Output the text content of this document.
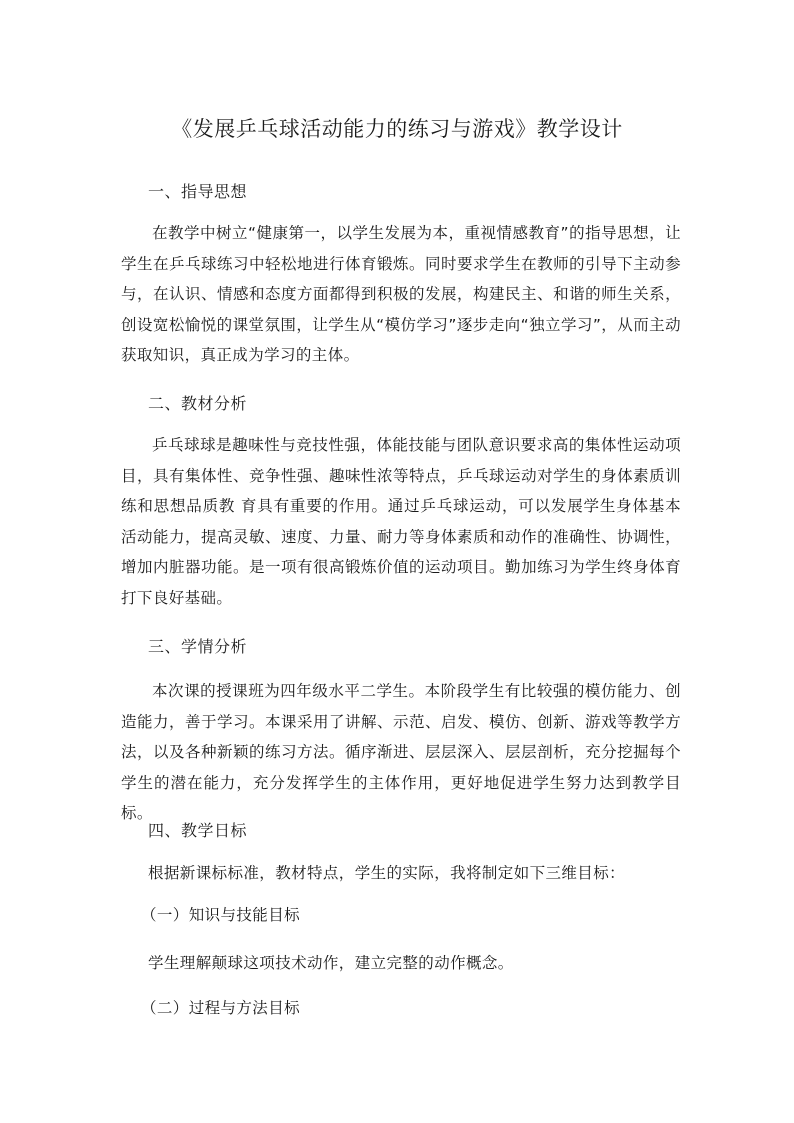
《发展乒乓球活动能力的练习与游戏》教学设计
一、指导思想

在教学中树立“健康第一，以学生发展为本，重视情感教育”的指导思想，让学生在乒乓球练习中轻松地进行体育锻炼。同时要求学生在教师的引导下主动参与，在认识、情感和态度方面都得到积极的发展，构建民主、和谐的师生关系，创设宽松愉悦的课堂氛围，让学生从“模仿学习”逐步走向“独立学习”，从而主动获取知识，真正成为学习的主体。

二、教材分析

乒乓球球是趣味性与竞技性强，体能技能与团队意识要求高的集体性运动项目，具有集体性、竞争性强、趣味性浓等特点，乒乓球运动对学生的身体素质训练和思想品质教 育具有重要的作用。通过乒乓球运动，可以发展学生身体基本活动能力，提高灵敏、速度、力量、耐力等身体素质和动作的准确性、协调性，增加内脏器功能。是一项有很高锻炼价值的运动项目。勤加练习为学生终身体育打下良好基础。

三、学情分析

本次课的授课班为四年级水平二学生。本阶段学生有比较强的模仿能力、创造能力，善于学习。本课采用了讲解、示范、启发、模仿、创新、游戏等教学方法，以及各种新颖的练习方法。循序渐进、层层深入、层层剖析，充分挖掘每个学生的潜在能力，充分发挥学生的主体作用，更好地促进学生努力达到教学目标。

四、教学日标

根据新课标标准，教材特点，学生的实际，我将制定如下三维目标：

（一）知识与技能目标

学生理解颠球这项技术动作，建立完整的动作概念。

（二）过程与方法目标
